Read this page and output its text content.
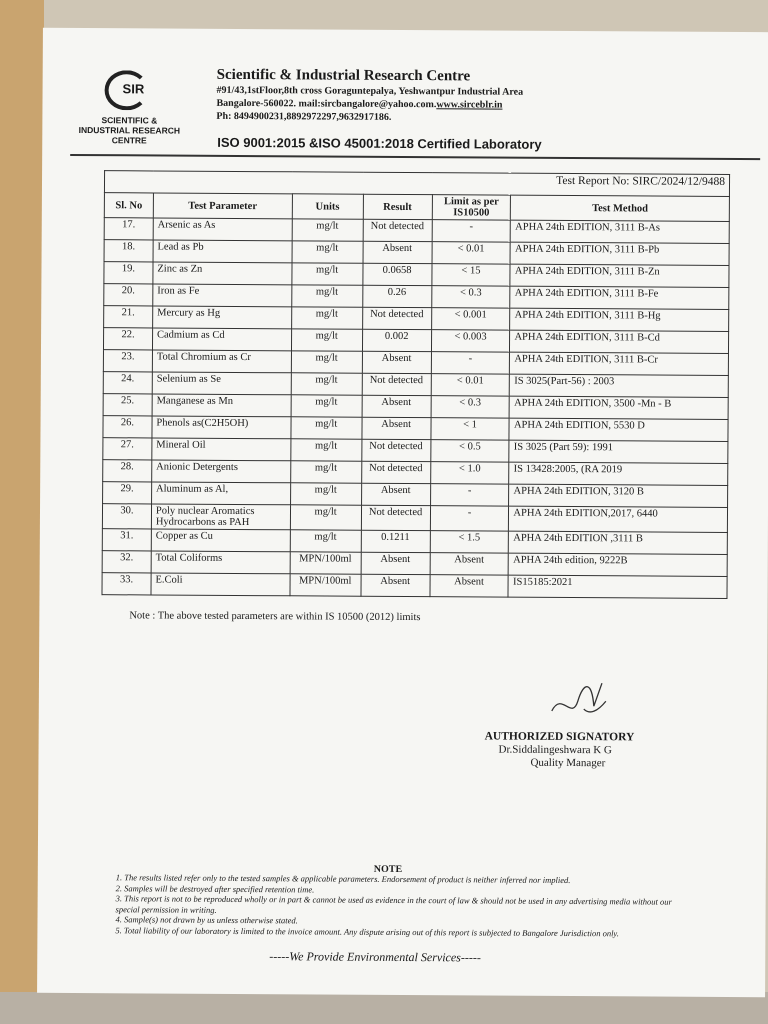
SIR
SCIENTIFIC & INDUSTRIAL RESEARCH CENTRE
Scientific & Industrial Research Centre
#91/43,1stFloor,8th cross Goraguntepalya, Yeshwantpur Industrial Area
Bangalore-560022. mail:sircbangalore@yahoo.com.www.sirceblr.in
Ph: 8494900231,8892972297,9632917186.
ISO 9001:2015 &ISO 45001:2018 Certified Laboratory
Test Report No: SIRC/2024/12/9488					
Sl. No	Test Parameter	Units	Result	Limit as per IS10500	Test Method
17.	Arsenic as As	mg/lt	Not detected	-	APHA 24th EDITION, 3111 B-As
18.	Lead as Pb	mg/lt	Absent	< 0.01	APHA 24th EDITION, 3111 B-Pb
19.	Zinc as Zn	mg/lt	0.0658	< 15	APHA 24th EDITION, 3111 B-Zn
20.	Iron as Fe	mg/lt	0.26	< 0.3	APHA 24th EDITION, 3111 B-Fe
21.	Mercury as Hg	mg/lt	Not detected	< 0.001	APHA 24th EDITION, 3111 B-Hg
22.	Cadmium as Cd	mg/lt	0.002	< 0.003	APHA 24th EDITION, 3111 B-Cd
23.	Total Chromium as Cr	mg/lt	Absent	-	APHA 24th EDITION, 3111 B-Cr
24.	Selenium as Se	mg/lt	Not detected	< 0.01	IS 3025(Part-56) : 2003
25.	Manganese as Mn	mg/lt	Absent	< 0.3	APHA 24th EDITION, 3500 -Mn - B
26.	Phenols as(C2H5OH)	mg/lt	Absent	< 1	APHA 24th EDITION, 5530 D
27.	Mineral Oil	mg/lt	Not detected	< 0.5	IS 3025 (Part 59): 1991
28.	Anionic Detergents	mg/lt	Not detected	< 1.0	IS 13428:2005, (RA 2019
29.	Aluminum as Al,	mg/lt	Absent	-	APHA 24th EDITION, 3120 B
30.	Poly nuclear Aromatics Hydrocarbons as PAH	mg/lt	Not detected	-	APHA 24th EDITION,2017, 6440
31.	Copper as Cu	mg/lt	0.1211	< 1.5	APHA 24th EDITION ,3111 B
32.	Total Coliforms	MPN/100ml	Absent	Absent	APHA 24th edition, 9222B
33.	E.Coli	MPN/100ml	Absent	Absent	IS15185:2021
Note : The above tested parameters are within IS 10500 (2012) limits
AUTHORIZED SIGNATORY
Dr.Siddalingeshwara K G
Quality Manager
NOTE
1. The results listed refer only to the tested samples & applicable parameters. Endorsement of product is neither inferred nor implied.
2. Samples will be destroyed after specified retention time.
3. This report is not to be reproduced wholly or in part & cannot be used as evidence in the court of law & should not be used in any advertising media without our special permission in writing.
4. Sample(s) not drawn by us unless otherwise stated.
5. Total liability of our laboratory is limited to the invoice amount. Any dispute arising out of this report is subjected to Bangalore Jurisdiction only.
-----We Provide Environmental Services-----
